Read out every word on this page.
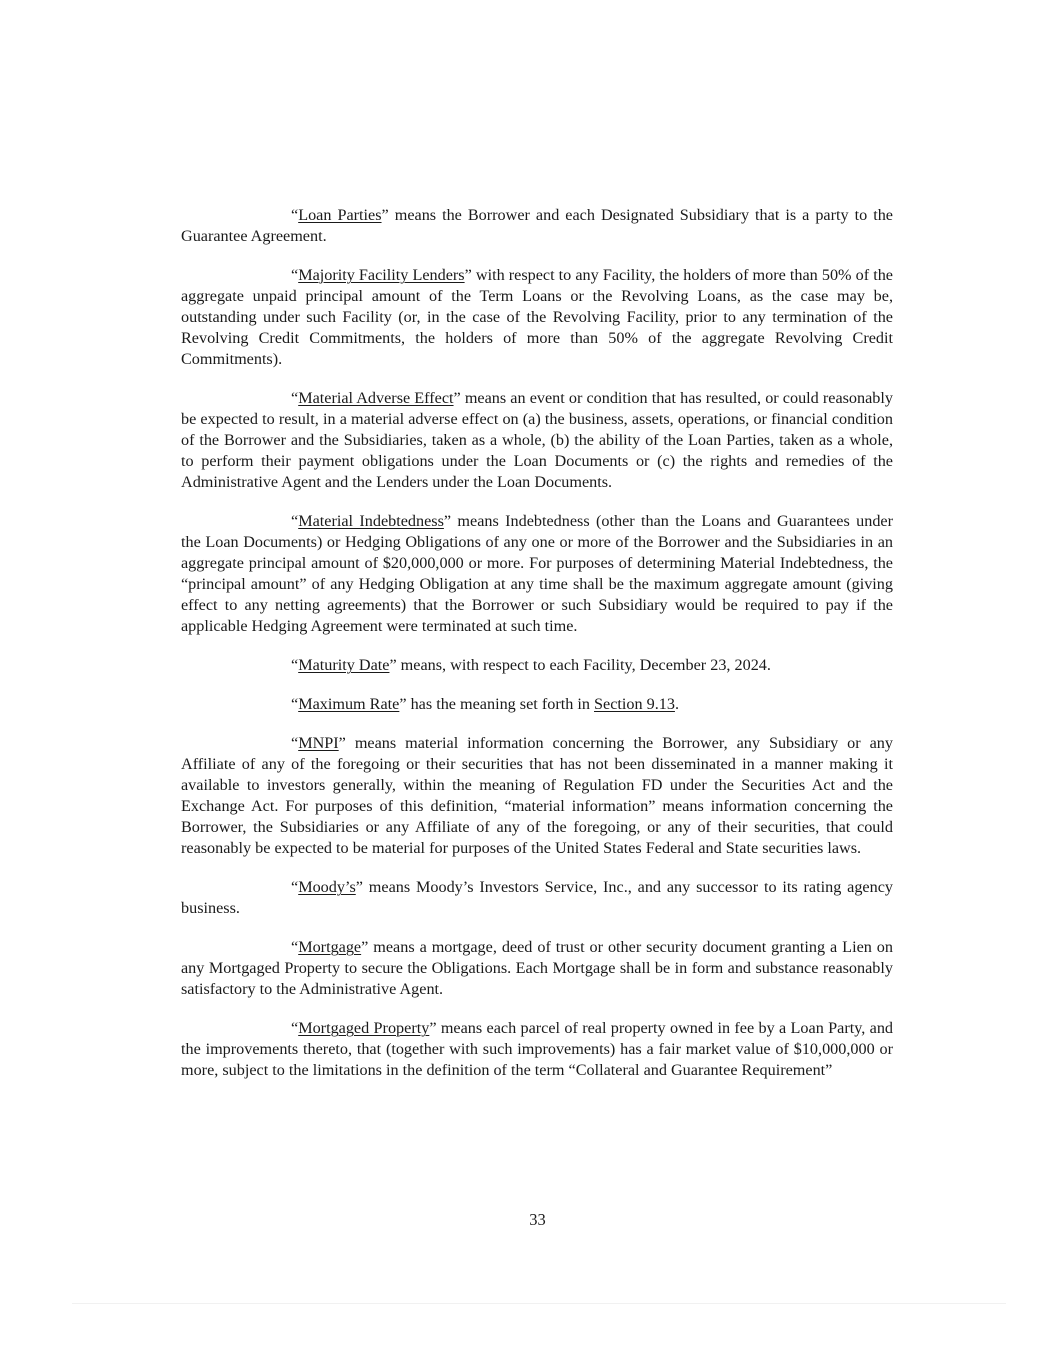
“Loan Parties” means the Borrower and each Designated Subsidiary that is a party to the Guarantee Agreement.

“Majority Facility Lenders” with respect to any Facility, the holders of more than 50% of the aggregate unpaid principal amount of the Term Loans or the Revolving Loans, as the case may be, outstanding under such Facility (or, in the case of the Revolving Facility, prior to any termination of the Revolving Credit Commitments, the holders of more than 50% of the aggregate Revolving Credit Commitments).

“Material Adverse Effect” means an event or condition that has resulted, or could reasonably be expected to result, in a material adverse effect on (a) the business, assets, operations, or financial condition of the Borrower and the Subsidiaries, taken as a whole, (b) the ability of the Loan Parties, taken as a whole, to perform their payment obligations under the Loan Documents or (c) the rights and remedies of the Administrative Agent and the Lenders under the Loan Documents.

“Material Indebtedness” means Indebtedness (other than the Loans and Guarantees under the Loan Documents) or Hedging Obligations of any one or more of the Borrower and the Subsidiaries in an aggregate principal amount of $20,000,000 or more. For purposes of determining Material Indebtedness, the “principal amount” of any Hedging Obligation at any time shall be the maximum aggregate amount (giving effect to any netting agreements) that the Borrower or such Subsidiary would be required to pay if the applicable Hedging Agreement were terminated at such time.

“Maturity Date” means, with respect to each Facility, December 23, 2024.

“Maximum Rate” has the meaning set forth in Section 9.13.

“MNPI” means material information concerning the Borrower, any Subsidiary or any Affiliate of any of the foregoing or their securities that has not been disseminated in a manner making it available to investors generally, within the meaning of Regulation FD under the Securities Act and the Exchange Act. For purposes of this definition, “material information” means information concerning the Borrower, the Subsidiaries or any Affiliate of any of the foregoing, or any of their securities, that could reasonably be expected to be material for purposes of the United States Federal and State securities laws.

“Moody’s” means Moody’s Investors Service, Inc., and any successor to its rating agency business.

“Mortgage” means a mortgage, deed of trust or other security document granting a Lien on any Mortgaged Property to secure the Obligations. Each Mortgage shall be in form and substance reasonably satisfactory to the Administrative Agent.

“Mortgaged Property” means each parcel of real property owned in fee by a Loan Party, and the improvements thereto, that (together with such improvements) has a fair market value of $10,000,000 or more, subject to the limitations in the definition of the term “Collateral and Guarantee Requirement”

33
